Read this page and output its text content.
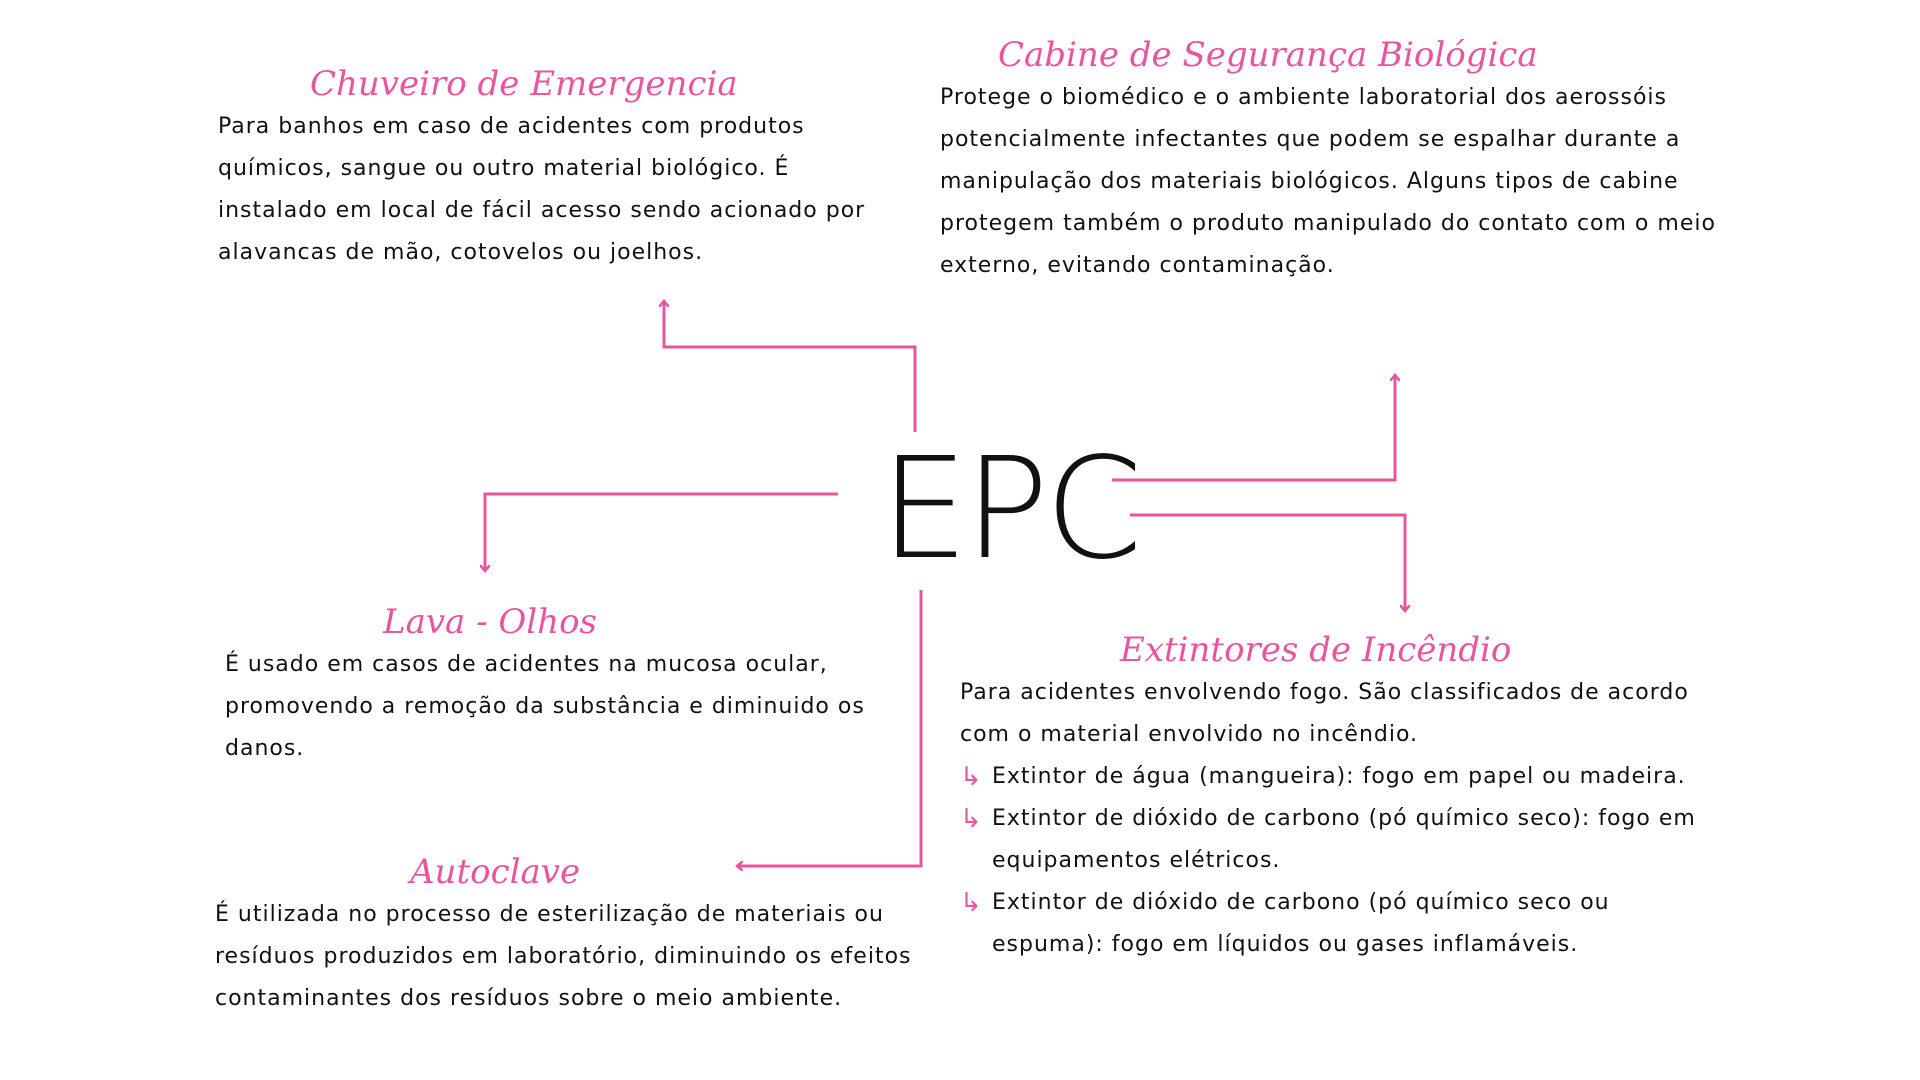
EPC

Chuveiro de Emergencia

Para banhos em caso de acidentes com produtos químicos, sangue ou outro material biológico. É instalado em local de fácil acesso sendo acionado por alavancas de mão, cotovelos ou joelhos.

Cabine de Segurança Biológica

Protege o biomédico e o ambiente laboratorial dos aerossóis potencialmente infectantes que podem se espalhar durante a manipulação dos materiais biológicos. Alguns tipos de cabine protegem também o produto manipulado do contato com o meio externo, evitando contaminação.

Lava - Olhos

É usado em casos de acidentes na mucosa ocular, promovendo a remoção da substância e diminuido os danos.

Autoclave

É utilizada no processo de esterilização de materiais ou resíduos produzidos em laboratório, diminuindo os efeitos contaminantes dos resíduos sobre o meio ambiente.

Extintores de Incêndio

Para acidentes envolvendo fogo. São classificados de acordo com o material envolvido no incêndio.

↳ Extintor de água (mangueira): fogo em papel ou madeira.
↳ Extintor de dióxido de carbono (pó químico seco): fogo em equipamentos elétricos.
↳ Extintor de dióxido de carbono (pó químico seco ou espuma): fogo em líquidos ou gases inflamáveis.
